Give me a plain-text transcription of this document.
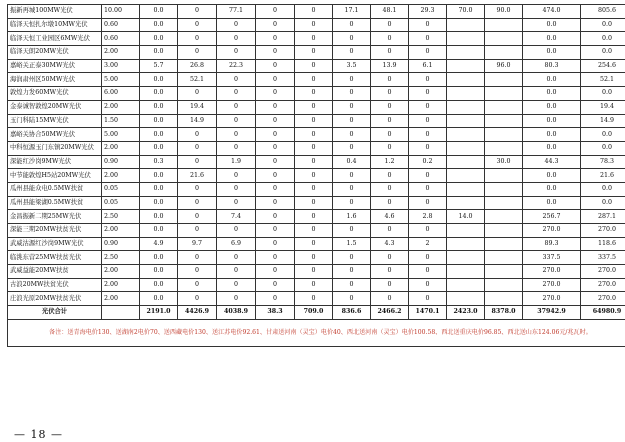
振新再城100MW光伏	10.00	0.0	0	77.1	0	0	17.1	48.1	29.3	70.0	90.0	474.0	805.6
临泽天恒扎尔墩10MW光伏	0.60	0.0	0	0	0	0	0	0	0			0.0	0.0
临泽天恒工业园区6MW光伏	0.60	0.0	0	0	0	0	0	0	0			0.0	0.0
临泽天朗20MW光伏	2.00	0.0	0	0	0	0	0	0	0			0.0	0.0
嘉峪关正泰30MW光伏	3.00	5.7	26.8	22.3	0	0	3.5	13.9	6.1		96.0	80.3	254.6
海润肃州区50MW光伏	5.00	0.0	52.1	0	0	0	0	0	0			0.0	52.1
敦煌力发60MW光伏	6.00	0.0	0	0	0	0	0	0	0			0.0	0.0
金泰诚智敦煌20MW光伏	2.00	0.0	19.4	0	0	0	0	0	0			0.0	19.4
玉门科陆15MW光伏	1.50	0.0	14.9	0	0	0	0	0	0			0.0	14.9
嘉峪关协合50MW光伏	5.00	0.0	0	0	0	0	0	0	0			0.0	0.0
中科恒源玉门东镇20MW光伏	2.00	0.0	0	0	0	0	0	0	0			0.0	0.0
深能红沙岗9MW光伏	0.90	0.3	0	1.9	0	0	0.4	1.2	0.2		30.0	44.3	78.3
中节能敦煌H5站20MW光伏	2.00	0.0	21.6	0	0	0	0	0	0			0.0	21.6
瓜州县能众电0.5MW扶贫	0.05	0.0	0	0	0	0	0	0	0			0.0	0.0
瓜州县能梁湖0.5MW扶贫	0.05	0.0	0	0	0	0	0	0	0			0.0	0.0
金昌振新二期25MW光伏	2.50	0.0	0	7.4	0	0	1.6	4.6	2.8	14.0		256.7	287.1
深能三期20MW扶贫光伏	2.00	0.0	0	0	0	0	0	0	0			270.0	270.0
武威沽源红沙岗9MW光伏	0.90	4.9	9.7	6.9	0	0	1.5	4.3	2			89.3	118.6
临洮东营25MW扶贫光伏	2.50	0.0	0	0	0	0	0	0	0			337.5	337.5
武威益能20MW扶贫	2.00	0.0	0	0	0	0	0	0	0			270.0	270.0
古浪20MW扶贫光伏	2.00	0.0	0	0	0	0	0	0	0			270.0	270.0
庄浪光原20MW扶贫光伏	2.00	0.0	0	0	0	0	0	0	0			270.0	270.0
光伏合计		2191.0	4426.9	4038.9	38.3	709.0	836.6	2466.2	1470.1	2423.0	8378.0	37942.9	64980.9
备注：送青海电价130、送湖南2电价70、送西藏电价130、送江苏电价92.61、甘肃送河南（灵宝）电价40、西北送河南（灵宝）电价100.58、西北送重庆电价96.85、西北送山东124.06元/兆瓦时。													
— 18 —
